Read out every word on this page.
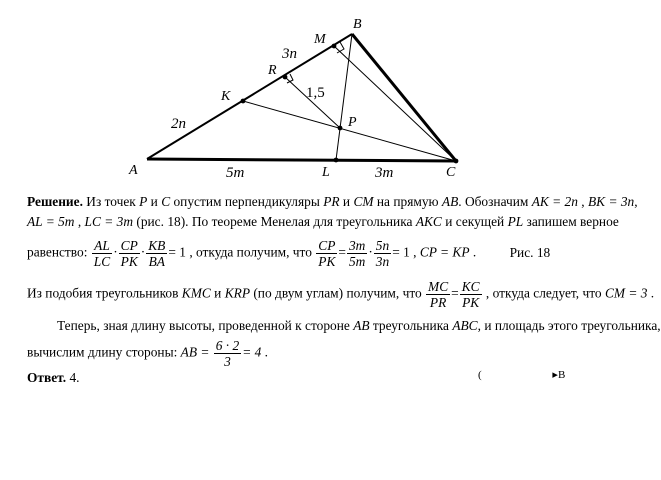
A
B
C
K
R
M
P
L
2n
3n
5m	3m
1,5
Решение. Из точек P и C опустим перпендикуляры PR и CM на прямую AB. Обозначим AK = 2n , BK = 3n,
AL = 5m , LC = 3m (рис. 18). По теореме Менелая для треугольника AKC и секущей PL запишем верное
равенство: $\frac{AL}{LC} \cdot \frac{CP}{PK} \cdot \frac{KB}{BA} = 1$ , откуда получим, что $\frac{CP}{PK} = \frac{3m}{5m} \cdot \frac{5n}{3n} = 1$ , CP = KP . Рис. 18
Из подобия треугольников KMC и KRP (по двум углам) получим, что $\frac{MC}{PR} = \frac{KC}{PK}$ , откуда следует, что CM = 3 .
Теперь, зная длину высоты, проведенной к стороне AB треугольника ABC, и площадь этого треугольника,
вычислим длину стороны: AB = $\frac{6 \cdot 2}{3} = 4$ .
Ответ. 4.	(	▸B
